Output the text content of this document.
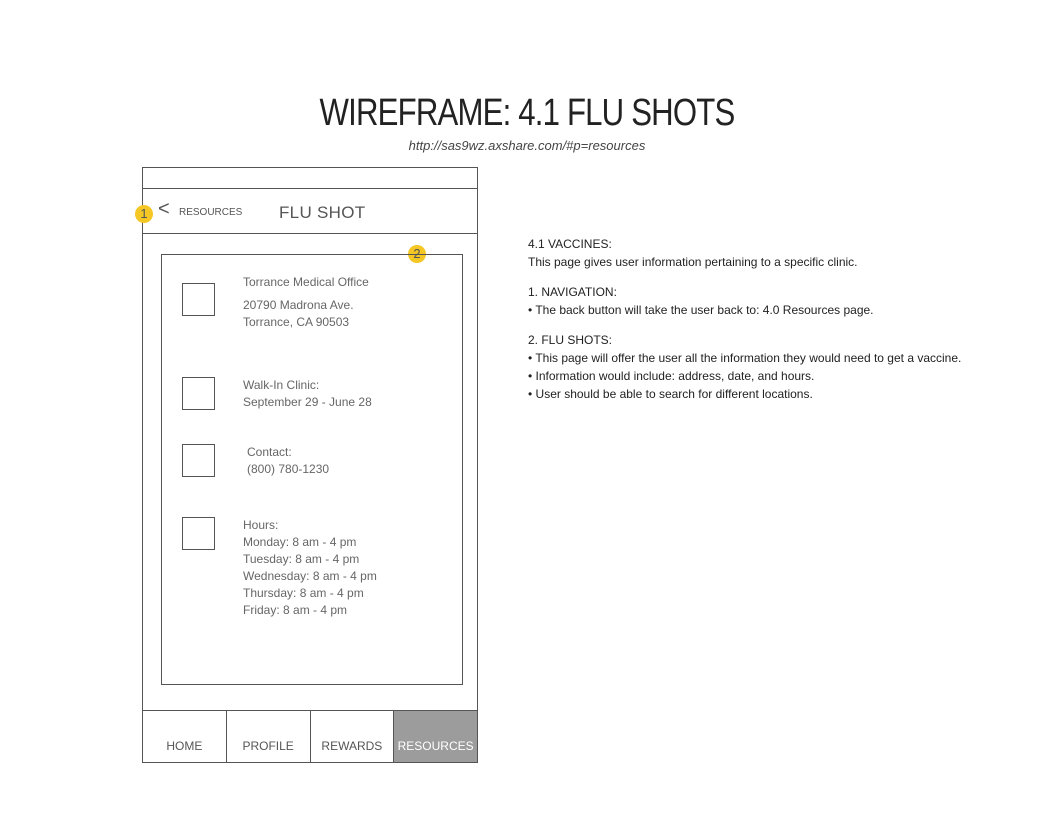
WIREFRAME: 4.1 FLU SHOTS
http://sas9wz.axshare.com/#p=resources
1 < RESOURCES FLU SHOT
2
Torrance Medical Office
20790 Madrona Ave.
Torrance, CA 90503
Walk-In Clinic:
September 29 - June 28
Contact:
(800) 780-1230
Hours:
Monday: 8 am - 4 pm
Tuesday: 8 am - 4 pm
Wednesday: 8 am - 4 pm
Thursday: 8 am - 4 pm
Friday: 8 am - 4 pm
HOME	PROFILE	REWARDS	RESOURCES

4.1 VACCINES:

This page gives user information pertaining to a specific clinic.

1. NAVIGATION:

• The back button will take the user back to: 4.0 Resources page.

2. FLU SHOTS:

• This page will offer the user all the information they would need to get a vaccine.

• Information would include: address, date, and hours.

• User should be able to search for different locations.
